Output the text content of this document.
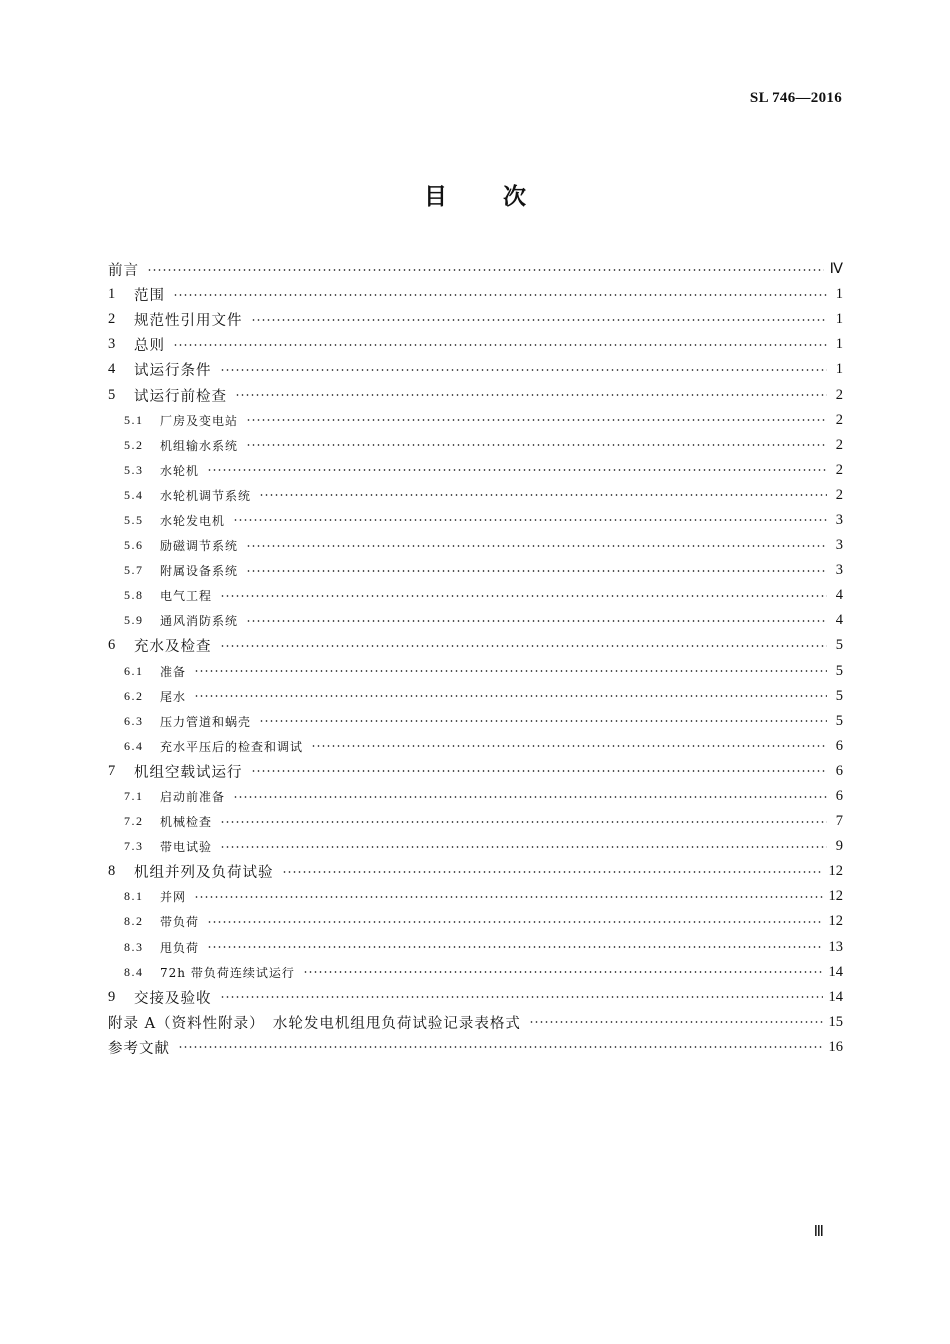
SL 746—2016
目 次
前言	Ⅳ
1	范围	1
2	规范性引用文件	1
3	总则	1
4	试运行条件	1
5	试运行前检查	2
5.1	厂房及变电站	2
5.2	机组输水系统	2
5.3	水轮机	2
5.4	水轮机调节系统	2
5.5	水轮发电机	3
5.6	励磁调节系统	3
5.7	附属设备系统	3
5.8	电气工程	4
5.9	通风消防系统	4
6	充水及检查	5
6.1	准备	5
6.2	尾水	5
6.3	压力管道和蜗壳	5
6.4	充水平压后的检查和调试	6
7	机组空载试运行	6
7.1	启动前准备	6
7.2	机械检查	7
7.3	带电试验	9
8	机组并列及负荷试验	12
8.1	并网	12
8.2	带负荷	12
8.3	甩负荷	13
8.4	72h 带负荷连续试运行	14
9	交接及验收	14
附录 A（资料性附录）　水轮发电机组甩负荷试验记录表格式	15
参考文献	16
Ⅲ
